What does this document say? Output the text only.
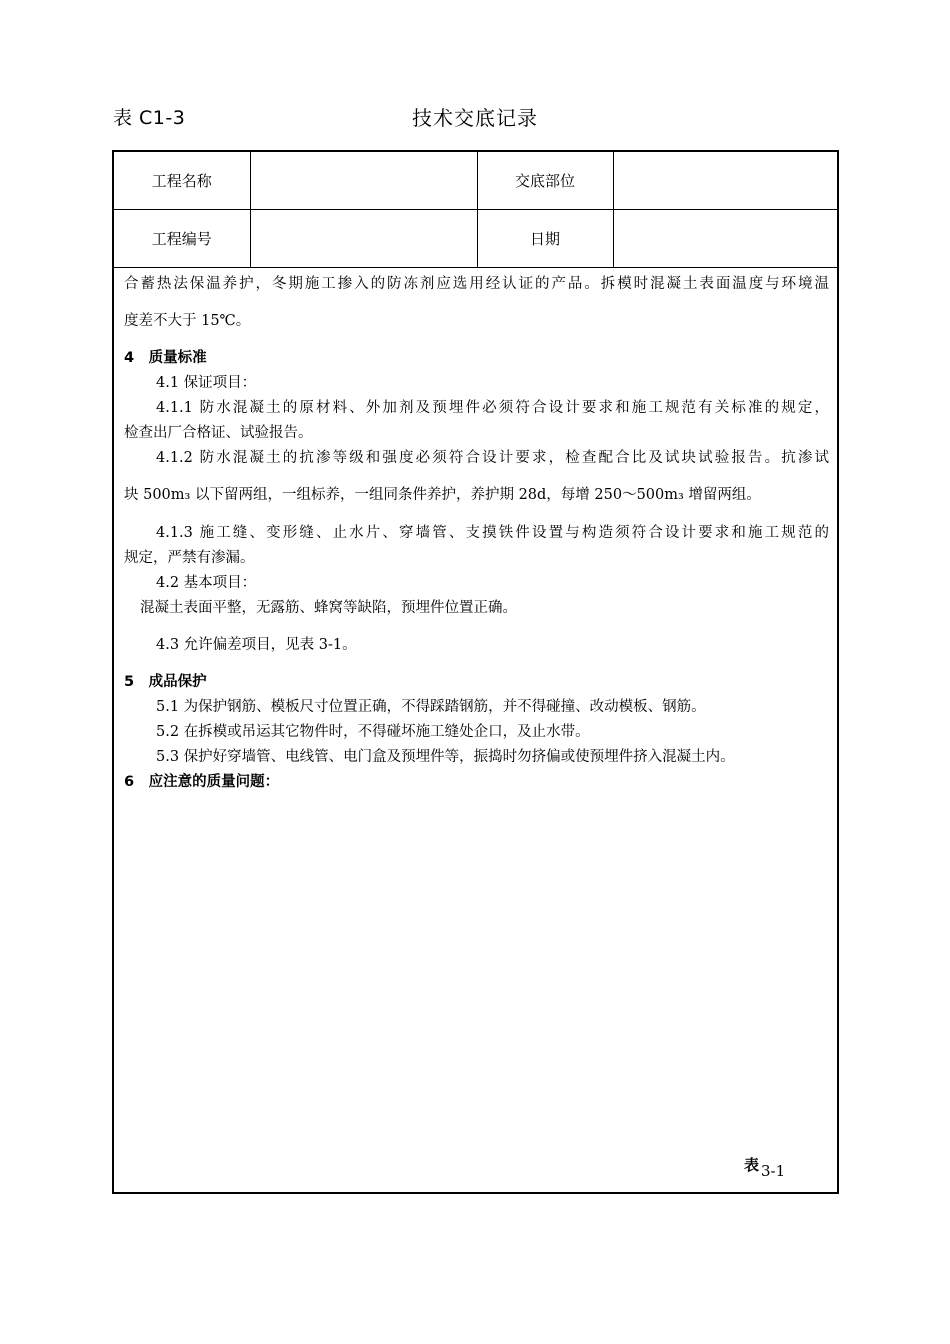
表 C1-3	技术交底记录
工程名称		交底部位	
工程编号		日期	
合蓄热法保温养护，冬期施工掺入的防冻剂应选用经认证的产品。拆模时混凝土表面温度与环境温
度差不大于 15℃。
4　质量标准
4.1 保证项目：
4.1.1 防水混凝土的原材料、外加剂及预埋件必须符合设计要求和施工规范有关标准的规定，
检查出厂合格证、试验报告。
4.1.2 防水混凝土的抗渗等级和强度必须符合设计要求，检查配合比及试块试验报告。抗渗试
块 500m₃ 以下留两组，一组标养，一组同条件养护，养护期 28d，每增 250～500m₃ 增留两组。
4.1.3 施工缝、变形缝、止水片、穿墙管、支摸铁件设置与构造须符合设计要求和施工规范的
规定，严禁有渗漏。
4.2 基本项目：
混凝土表面平整，无露筋、蜂窝等缺陷，预埋件位置正确。
4.3 允许偏差项目，见表 3-1。
5　成品保护
5.1 为保护钢筋、模板尺寸位置正确，不得踩踏钢筋，并不得碰撞、改动模板、钢筋。
5.2 在拆模或吊运其它物件时，不得碰坏施工缝处企口，及止水带。
5.3 保护好穿墙管、电线管、电门盒及预埋件等，振捣时勿挤偏或使预埋件挤入混凝土内。
6　应注意的质量问题：
表 3-1
